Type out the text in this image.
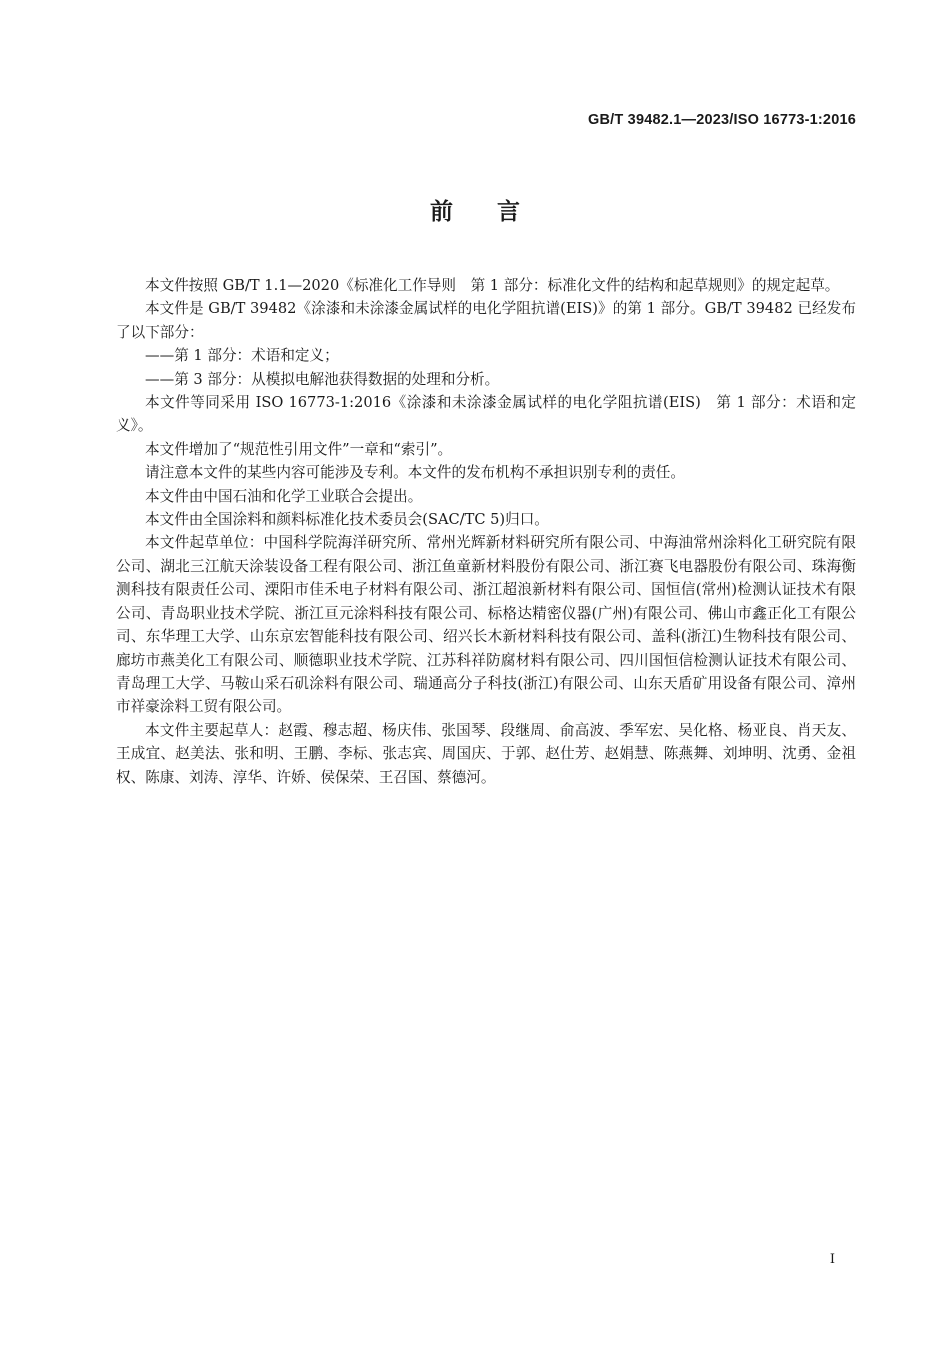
GB/T 39482.1—2023/ISO 16773-1:2016
前言

本文件按照 GB/T 1.1—2020《标准化工作导则　第 1 部分：标准化文件的结构和起草规则》的规定起草。

本文件是 GB/T 39482《涂漆和未涂漆金属试样的电化学阻抗谱(EIS)》的第 1 部分。GB/T 39482 已经发布了以下部分：

——第 1 部分：术语和定义；

——第 3 部分：从模拟电解池获得数据的处理和分析。

本文件等同采用 ISO 16773-1:2016《涂漆和未涂漆金属试样的电化学阻抗谱(EIS)　第 1 部分：术语和定义》。

本文件增加了“规范性引用文件”一章和“索引”。

请注意本文件的某些内容可能涉及专利。本文件的发布机构不承担识别专利的责任。

本文件由中国石油和化学工业联合会提出。

本文件由全国涂料和颜料标准化技术委员会(SAC/TC 5)归口。

本文件起草单位：中国科学院海洋研究所、常州光辉新材料研究所有限公司、中海油常州涂料化工研究院有限公司、湖北三江航天涂装设备工程有限公司、浙江鱼童新材料股份有限公司、浙江赛飞电器股份有限公司、珠海衡测科技有限责任公司、溧阳市佳禾电子材料有限公司、浙江超浪新材料有限公司、国恒信(常州)检测认证技术有限公司、青岛职业技术学院、浙江亘元涂料科技有限公司、标格达精密仪器(广州)有限公司、佛山市鑫正化工有限公司、东华理工大学、山东京宏智能科技有限公司、绍兴长木新材料科技有限公司、盖科(浙江)生物科技有限公司、廊坊市燕美化工有限公司、顺德职业技术学院、江苏科祥防腐材料有限公司、四川国恒信检测认证技术有限公司、青岛理工大学、马鞍山采石矶涂料有限公司、瑞通高分子科技(浙江)有限公司、山东天盾矿用设备有限公司、漳州市祥豪涂料工贸有限公司。

本文件主要起草人：赵霞、穆志超、杨庆伟、张国琴、段继周、俞高波、季军宏、吴化格、杨亚良、肖天友、王成宜、赵美法、张和明、王鹏、李标、张志宾、周国庆、于郭、赵仕芳、赵娟慧、陈燕舞、刘坤明、沈勇、金祖权、陈康、刘涛、淳华、许娇、侯保荣、王召国、蔡德河。

I
